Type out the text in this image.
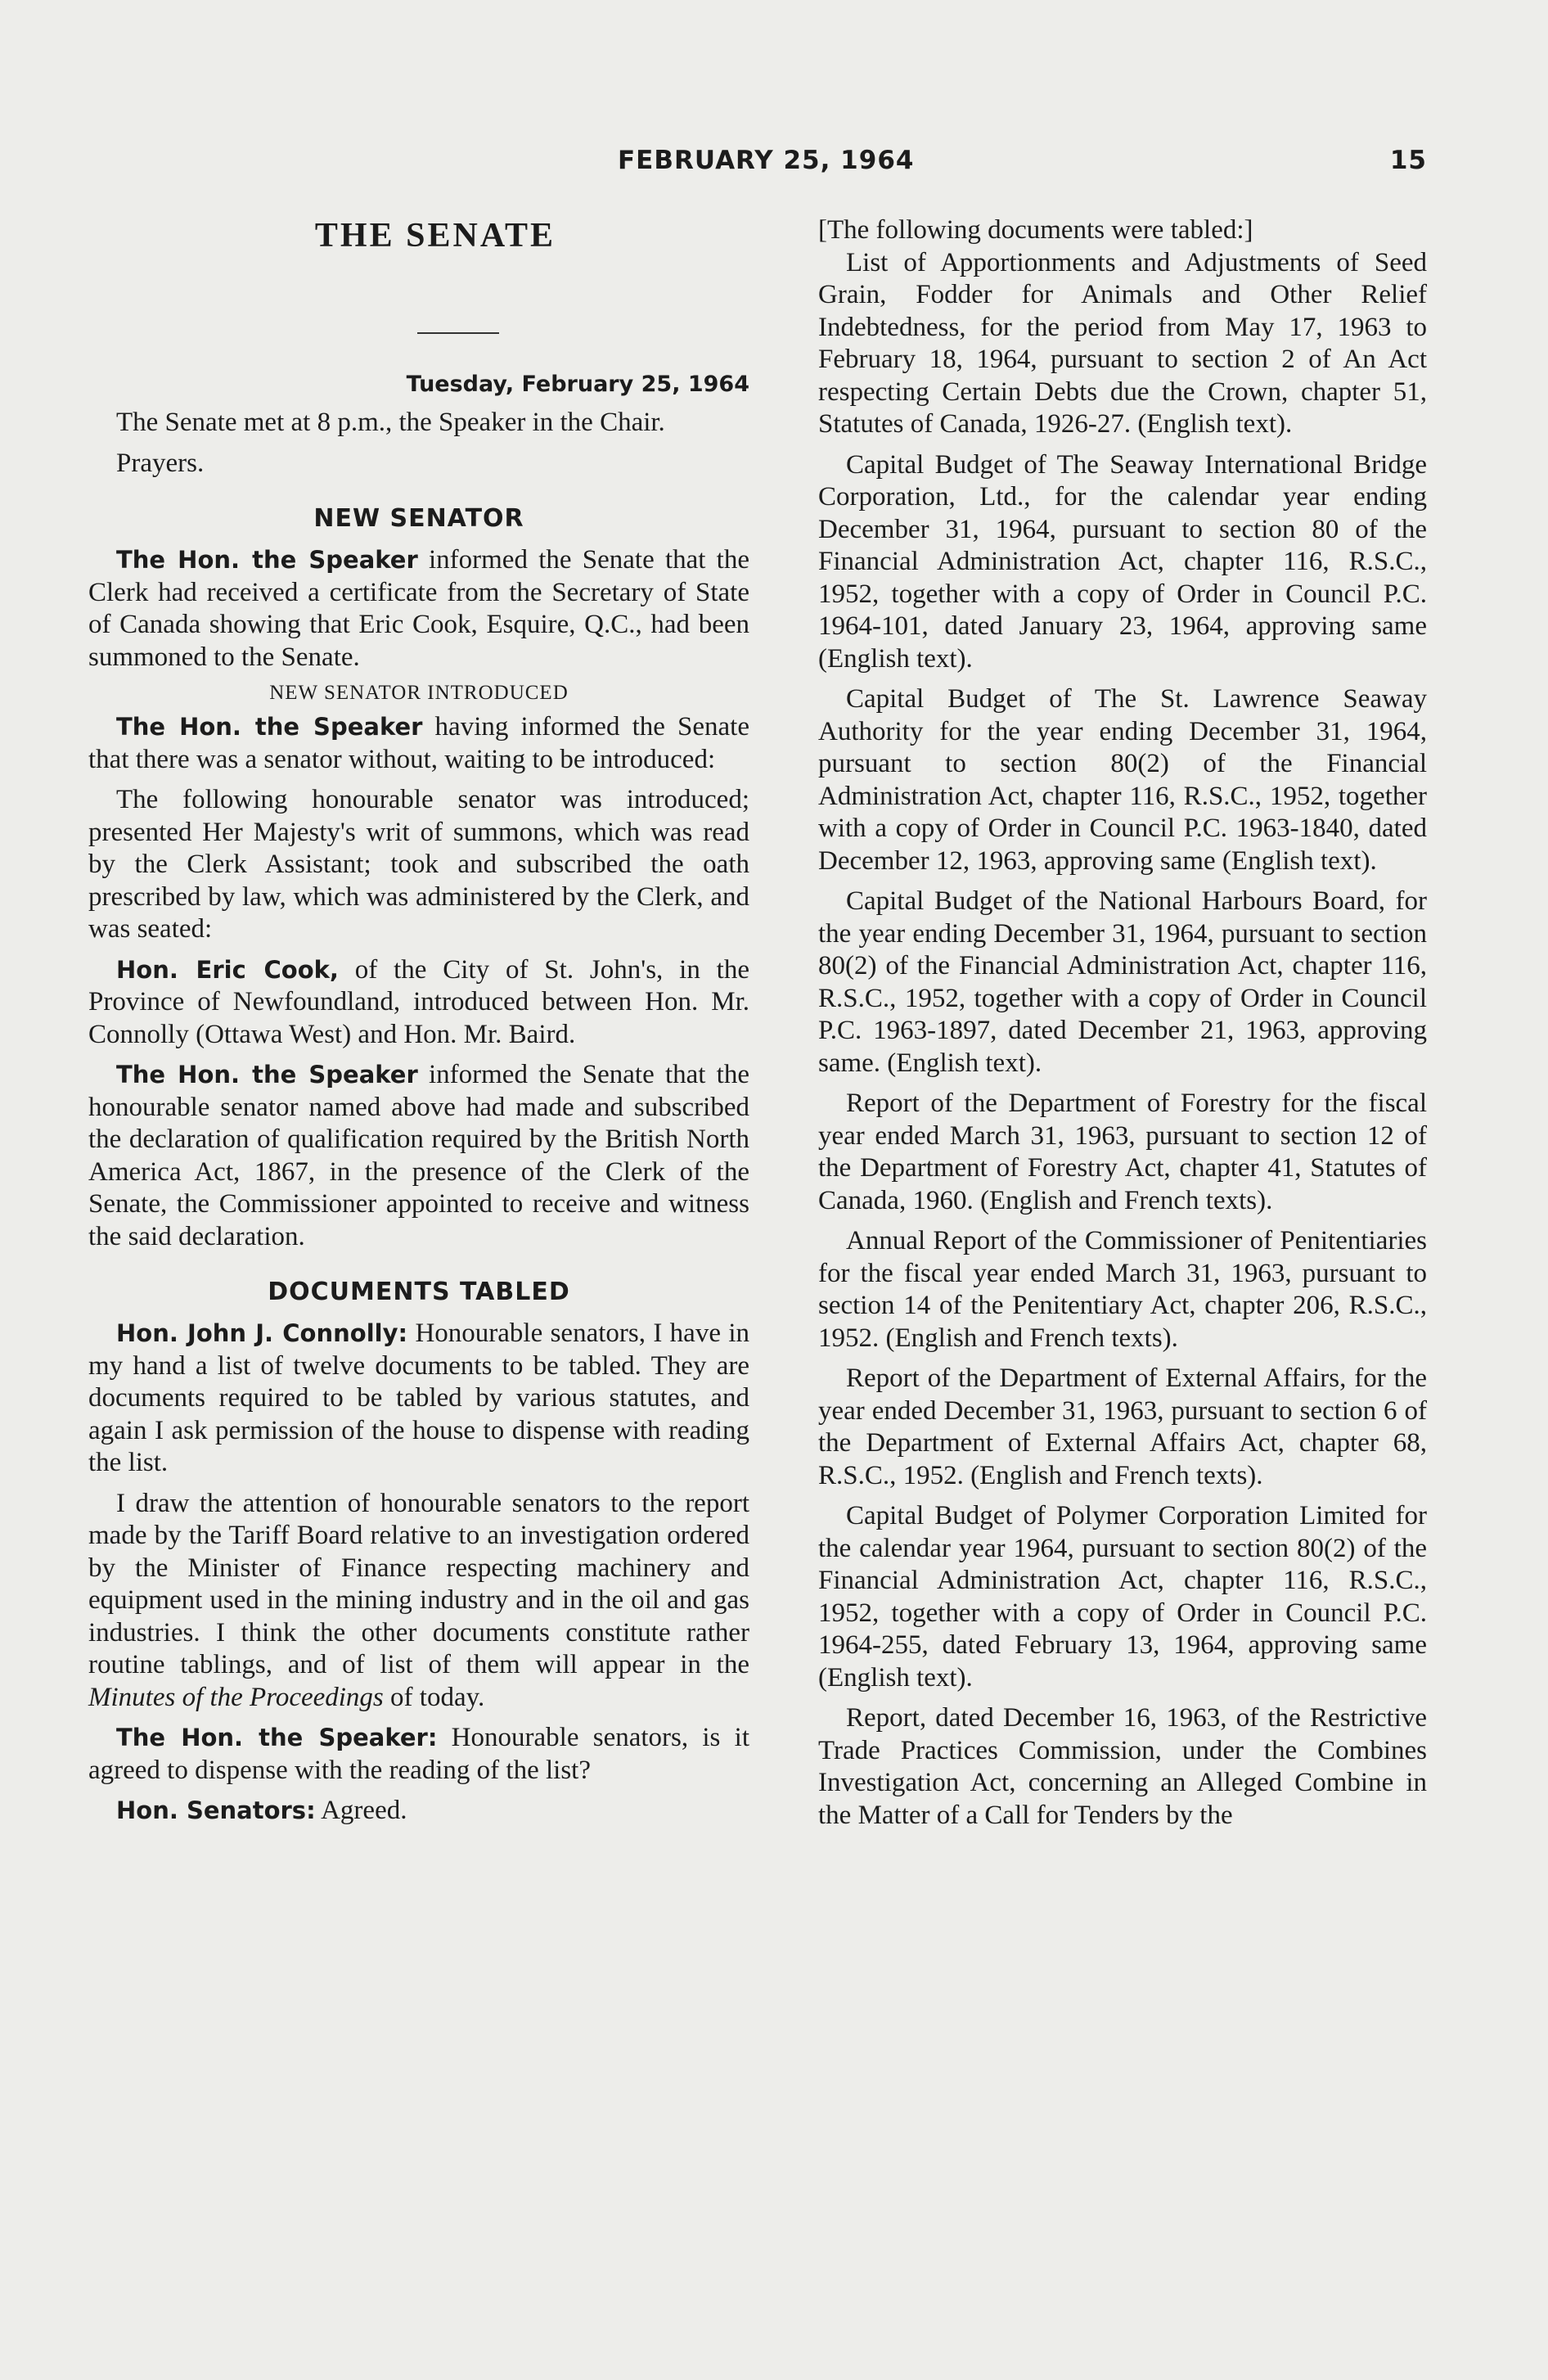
FEBRUARY 25, 1964	15
THE SENATE
Tuesday, February 25, 1964

The Senate met at 8 p.m., the Speaker in the Chair.

Prayers.

NEW SENATOR

The Hon. the Speaker informed the Senate that the Clerk had received a certificate from the Secretary of State of Canada showing that Eric Cook, Esquire, Q.C., had been summoned to the Senate.

NEW SENATOR INTRODUCED

The Hon. the Speaker having informed the Senate that there was a senator without, waiting to be introduced:

The following honourable senator was introduced; presented Her Majesty's writ of summons, which was read by the Clerk Assistant; took and subscribed the oath prescribed by law, which was administered by the Clerk, and was seated:

Hon. Eric Cook, of the City of St. John's, in the Province of Newfoundland, introduced between Hon. Mr. Connolly (Ottawa West) and Hon. Mr. Baird.

The Hon. the Speaker informed the Senate that the honourable senator named above had made and subscribed the declaration of qualification required by the British North America Act, 1867, in the presence of the Clerk of the Senate, the Commissioner appointed to receive and witness the said declaration.

DOCUMENTS TABLED

Hon. John J. Connolly: Honourable senators, I have in my hand a list of twelve documents to be tabled. They are documents required to be tabled by various statutes, and again I ask permission of the house to dispense with reading the list.

I draw the attention of honourable senators to the report made by the Tariff Board relative to an investigation ordered by the Minister of Finance respecting machinery and equipment used in the mining industry and in the oil and gas industries. I think the other documents constitute rather routine tablings, and of list of them will appear in the Minutes of the Proceedings of today.

The Hon. the Speaker: Honourable senators, is it agreed to dispense with the reading of the list?

Hon. Senators: Agreed.

[The following documents were tabled:]

List of Apportionments and Adjustments of Seed Grain, Fodder for Animals and Other Relief Indebtedness, for the period from May 17, 1963 to February 18, 1964, pursuant to section 2 of An Act respecting Certain Debts due the Crown, chapter 51, Statutes of Canada, 1926-27. (English text).

Capital Budget of The Seaway International Bridge Corporation, Ltd., for the calendar year ending December 31, 1964, pursuant to section 80 of the Financial Administration Act, chapter 116, R.S.C., 1952, together with a copy of Order in Council P.C. 1964-101, dated January 23, 1964, approving same (English text).

Capital Budget of The St. Lawrence Seaway Authority for the year ending December 31, 1964, pursuant to section 80(2) of the Financial Administration Act, chapter 116, R.S.C., 1952, together with a copy of Order in Council P.C. 1963-1840, dated December 12, 1963, approving same (English text).

Capital Budget of the National Harbours Board, for the year ending December 31, 1964, pursuant to section 80(2) of the Financial Administration Act, chapter 116, R.S.C., 1952, together with a copy of Order in Council P.C. 1963-1897, dated December 21, 1963, approving same. (English text).

Report of the Department of Forestry for the fiscal year ended March 31, 1963, pursuant to section 12 of the Department of Forestry Act, chapter 41, Statutes of Canada, 1960. (English and French texts).

Annual Report of the Commissioner of Penitentiaries for the fiscal year ended March 31, 1963, pursuant to section 14 of the Penitentiary Act, chapter 206, R.S.C., 1952. (English and French texts).

Report of the Department of External Affairs, for the year ended December 31, 1963, pursuant to section 6 of the Department of External Affairs Act, chapter 68, R.S.C., 1952. (English and French texts).

Capital Budget of Polymer Corporation Limited for the calendar year 1964, pursuant to section 80(2) of the Financial Administration Act, chapter 116, R.S.C., 1952, together with a copy of Order in Council P.C. 1964-255, dated February 13, 1964, approving same (English text).

Report, dated December 16, 1963, of the Restrictive Trade Practices Commission, under the Combines Investigation Act, concerning an Alleged Combine in the Matter of a Call for Tenders by the
